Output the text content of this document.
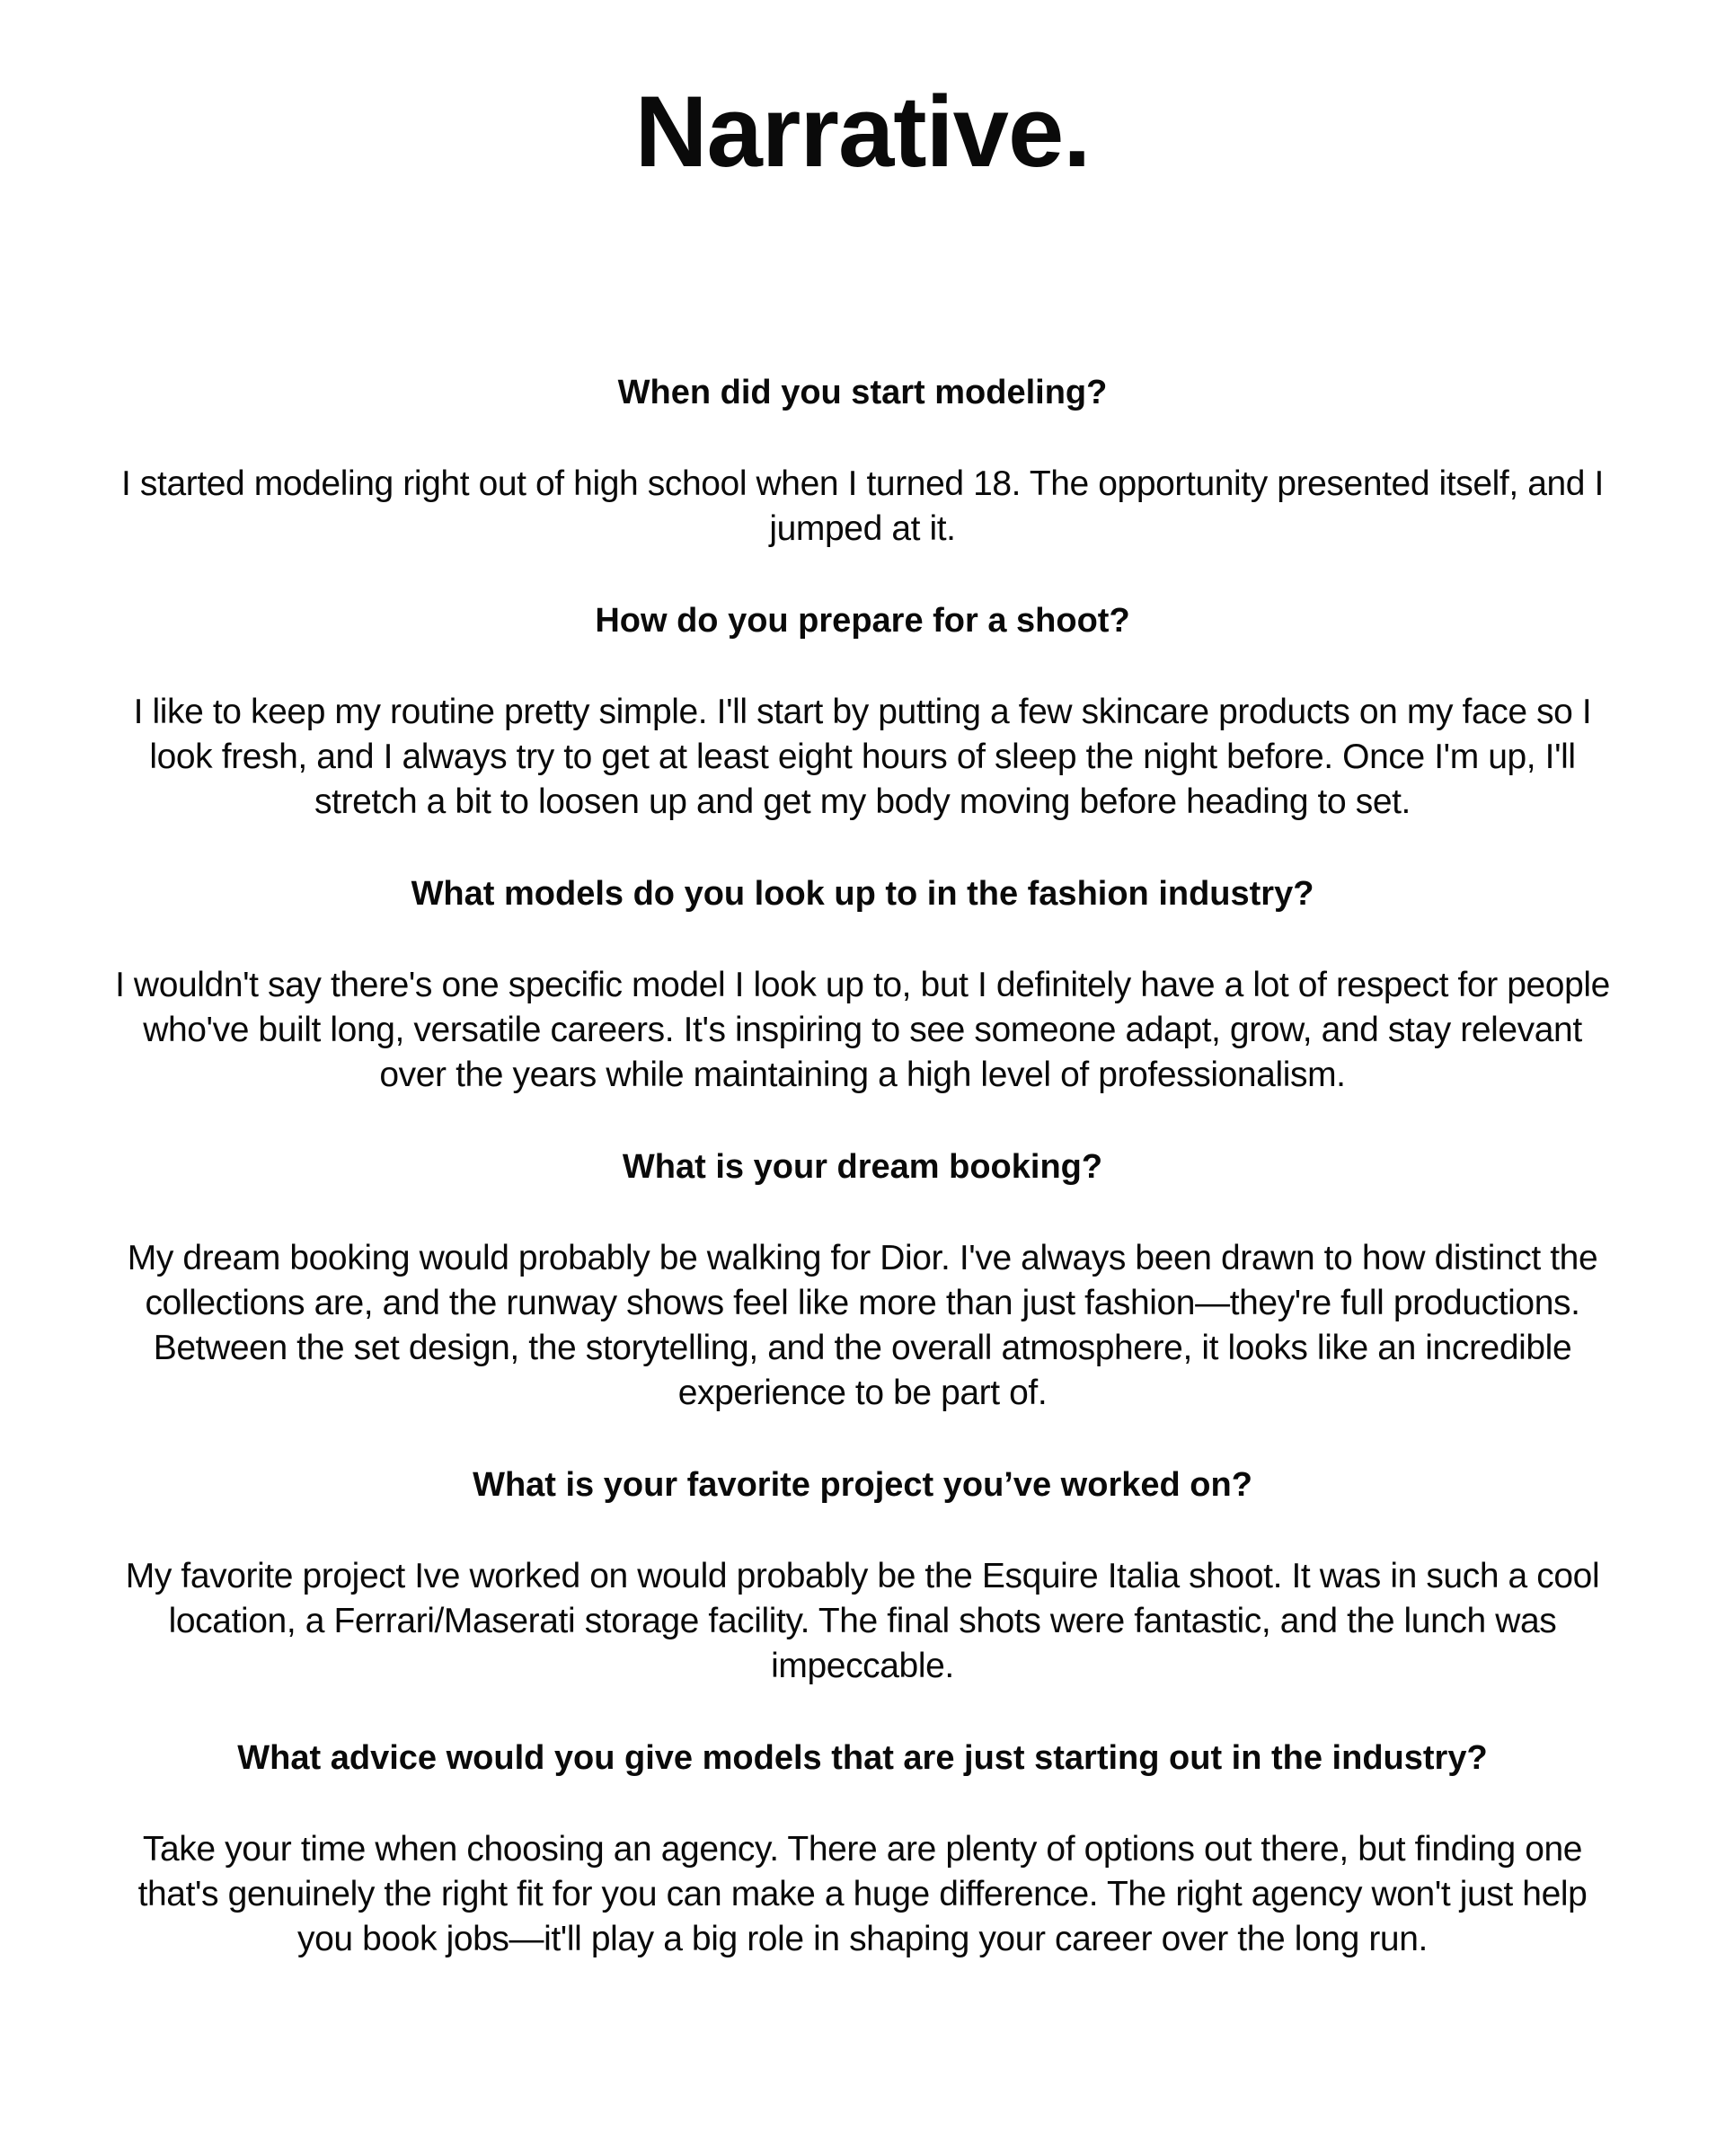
Narrative.
When did you start modeling?

I started modeling right out of high school when I turned 18. The opportunity presented itself, and I jumped at it.

How do you prepare for a shoot?

I like to keep my routine pretty simple. I'll start by putting a few skincare products on my face so I look fresh, and I always try to get at least eight hours of sleep the night before. Once I'm up, I'll stretch a bit to loosen up and get my body moving before heading to set.

What models do you look up to in the fashion industry?

I wouldn't say there's one specific model I look up to, but I definitely have a lot of respect for people who've built long, versatile careers. It's inspiring to see someone adapt, grow, and stay relevant over the years while maintaining a high level of professionalism.

What is your dream booking?

My dream booking would probably be walking for Dior. I've always been drawn to how distinct the collections are, and the runway shows feel like more than just fashion—they're full productions. Between the set design, the storytelling, and the overall atmosphere, it looks like an incredible experience to be part of.

What is your favorite project you’ve worked on?

My favorite project Ive worked on would probably be the Esquire Italia shoot. It was in such a cool location, a Ferrari/Maserati storage facility. The final shots were fantastic, and the lunch was impeccable.

What advice would you give models that are just starting out in the industry?

Take your time when choosing an agency. There are plenty of options out there, but finding one that's genuinely the right fit for you can make a huge difference. The right agency won't just help you book jobs—it'll play a big role in shaping your career over the long run.
